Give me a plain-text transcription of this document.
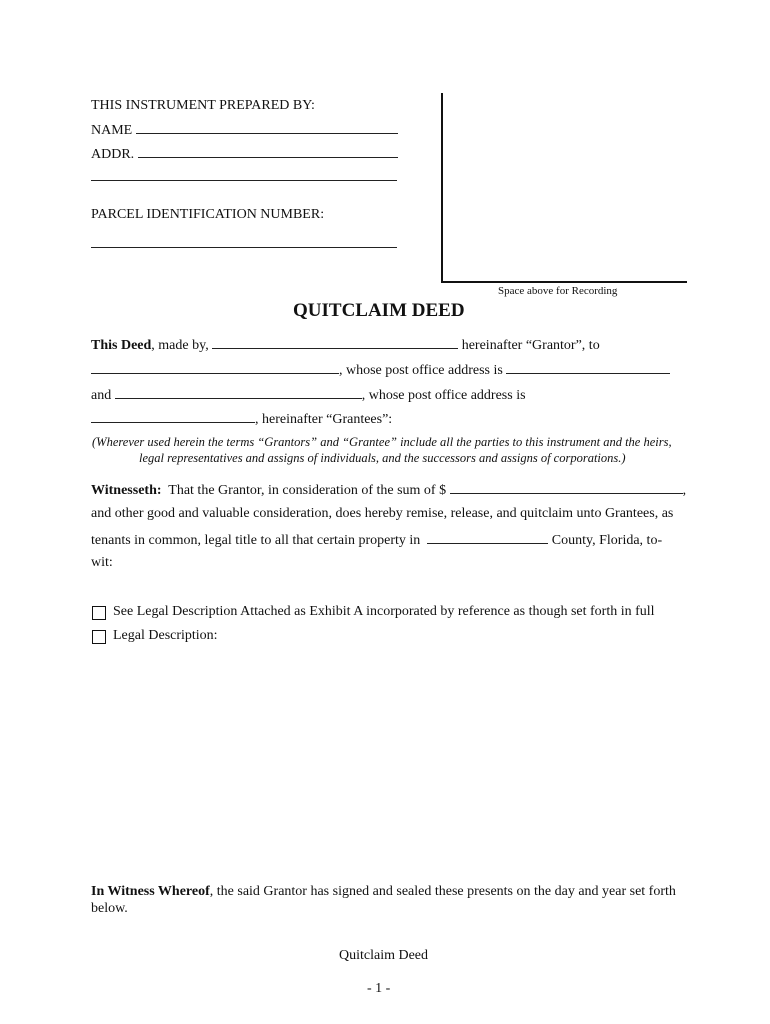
THIS INSTRUMENT PREPARED BY:
NAME
ADDR.
PARCEL IDENTIFICATION NUMBER:
Space above for Recording
QUITCLAIM DEED
This Deed, made by,	hereinafter “Grantor”, to
, whose post office address is
and	, whose post office address is
, hereinafter “Grantees”:
(Wherever used herein the terms “Grantors” and “Grantee” include all the parties to this instrument and the heirs,
legal representatives and assigns of individuals, and the successors and assigns of corporations.)
Witnesseth: That the Grantor, in consideration of the sum of $	,
and other good and valuable consideration, does hereby remise, release, and quitclaim unto Grantees, as
tenants in common, legal title to all that certain property in	County, Florida, to-
wit:
See Legal Description Attached as Exhibit A incorporated by reference as though set forth in full
Legal Description:
In Witness Whereof, the said Grantor has signed and sealed these presents on the day and year set forth
below.
Quitclaim Deed
- 1 -
